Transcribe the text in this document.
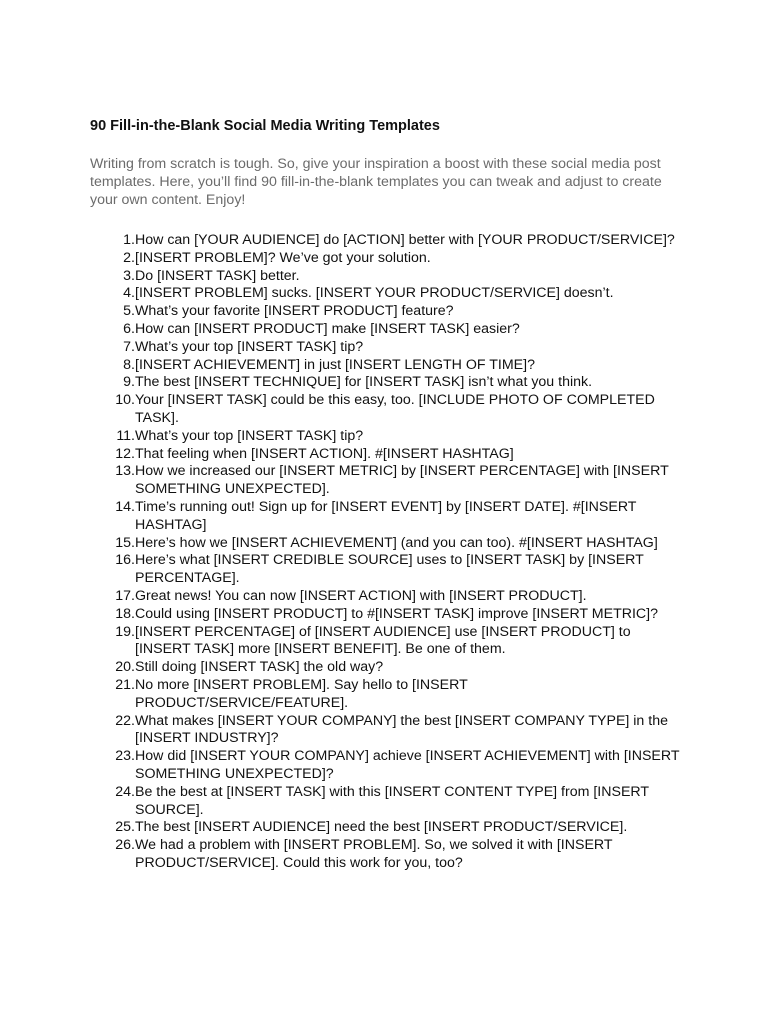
90 Fill-in-the-Blank Social Media Writing Templates

Writing from scratch is tough. So, give your inspiration a boost with these social media post templates. Here, you’ll find 90 fill-in-the-blank templates you can tweak and adjust to create your own content. Enjoy!

1. How can [YOUR AUDIENCE] do [ACTION] better with [YOUR PRODUCT/SERVICE]?
2. [INSERT PROBLEM]? We’ve got your solution.
3. Do [INSERT TASK] better.
4. [INSERT PROBLEM] sucks. [INSERT YOUR PRODUCT/SERVICE] doesn’t.
5. What’s your favorite [INSERT PRODUCT] feature?
6. How can [INSERT PRODUCT] make [INSERT TASK] easier?
7. What’s your top [INSERT TASK] tip?
8. [INSERT ACHIEVEMENT] in just [INSERT LENGTH OF TIME]?
9. The best [INSERT TECHNIQUE] for [INSERT TASK] isn’t what you think.
10. Your [INSERT TASK] could be this easy, too. [INCLUDE PHOTO OF COMPLETED TASK].
11. What’s your top [INSERT TASK] tip?
12. That feeling when [INSERT ACTION]. #[INSERT HASHTAG]
13. How we increased our [INSERT METRIC] by [INSERT PERCENTAGE] with [INSERT SOMETHING UNEXPECTED].
14. Time’s running out! Sign up for [INSERT EVENT] by [INSERT DATE]. #[INSERT HASHTAG]
15. Here’s how we [INSERT ACHIEVEMENT] (and you can too). #[INSERT HASHTAG]
16. Here’s what [INSERT CREDIBLE SOURCE] uses to [INSERT TASK] by [INSERT PERCENTAGE].
17. Great news! You can now [INSERT ACTION] with [INSERT PRODUCT].
18. Could using [INSERT PRODUCT] to #[INSERT TASK] improve [INSERT METRIC]?
19. [INSERT PERCENTAGE] of [INSERT AUDIENCE] use [INSERT PRODUCT] to [INSERT TASK] more [INSERT BENEFIT]. Be one of them.
20. Still doing [INSERT TASK] the old way?
21. No more [INSERT PROBLEM]. Say hello to [INSERT PRODUCT/SERVICE/FEATURE].
22. What makes [INSERT YOUR COMPANY] the best [INSERT COMPANY TYPE] in the [INSERT INDUSTRY]?
23. How did [INSERT YOUR COMPANY] achieve [INSERT ACHIEVEMENT] with [INSERT SOMETHING UNEXPECTED]?
24. Be the best at [INSERT TASK] with this [INSERT CONTENT TYPE] from [INSERT SOURCE].
25. The best [INSERT AUDIENCE] need the best [INSERT PRODUCT/SERVICE].
26. We had a problem with [INSERT PROBLEM]. So, we solved it with [INSERT PRODUCT/SERVICE]. Could this work for you, too?
